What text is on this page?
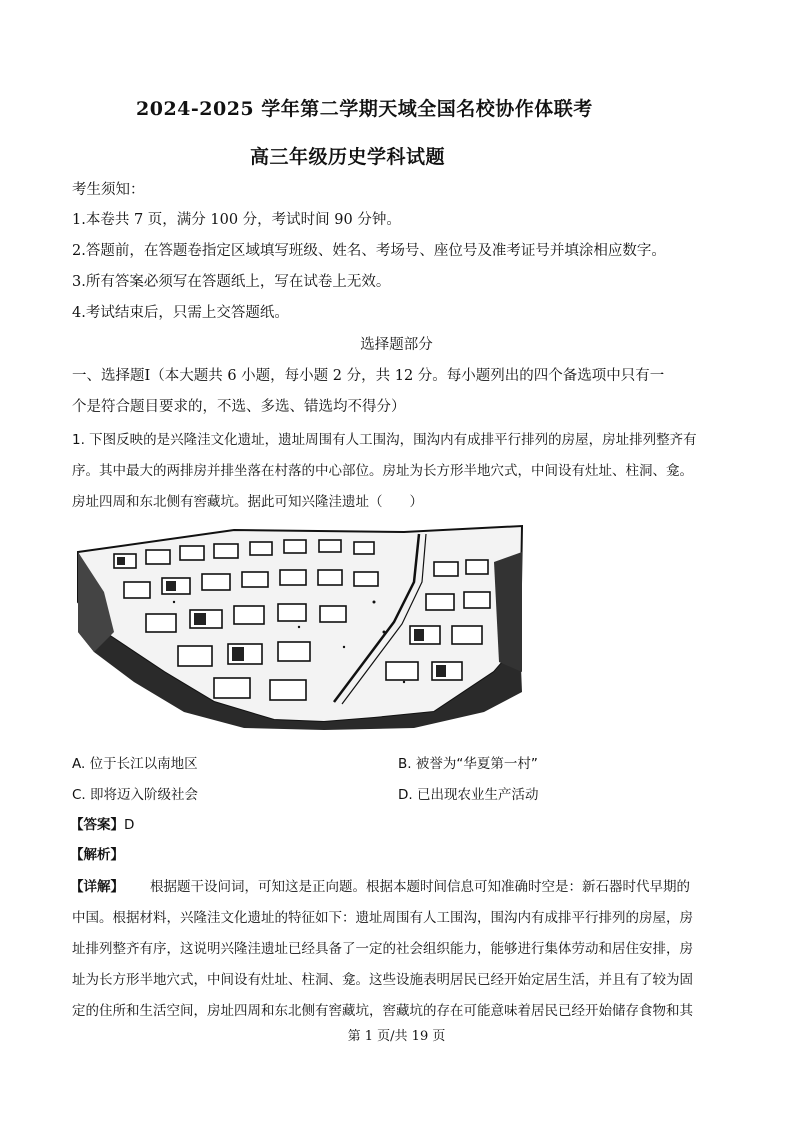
2024-2025 学年第二学期天域全国名校协作体联考
高三年级历史学科试题
考生须知：
1.本卷共 7 页，满分 100 分，考试时间 90 分钟。
2.答题前，在答题卷指定区域填写班级、姓名、考场号、座位号及准考证号并填涂相应数字。
3.所有答案必须写在答题纸上，写在试卷上无效。
4.考试结束后，只需上交答题纸。
选择题部分
一、选择题Ⅰ（本大题共 6 小题，每小题 2 分，共 12 分。每小题列出的四个备选项中只有一
个是符合题目要求的，不选、多选、错选均不得分）
1. 下图反映的是兴隆洼文化遗址，遗址周围有人工围沟，围沟内有成排平行排列的房屋，房址排列整齐有
序。其中最大的两排房并排坐落在村落的中心部位。房址为长方形半地穴式，中间设有灶址、柱洞、龛。
房址四周和东北侧有窖藏坑。据此可知兴隆洼遗址（　　）
A. 位于长江以南地区	B. 被誉为“华夏第一村”
C. 即将迈入阶级社会	D. 已出现农业生产活动
【答案】D
【解析】
【详解】 根据题干设问词，可知这是正向题。根据本题时间信息可知准确时空是：新石器时代早期的
中国。根据材料，兴隆洼文化遗址的特征如下：遗址周围有人工围沟，围沟内有成排平行排列的房屋，房
址排列整齐有序，这说明兴隆洼遗址已经具备了一定的社会组织能力，能够进行集体劳动和居住安排，房
址为长方形半地穴式，中间设有灶址、柱洞、龛。这些设施表明居民已经开始定居生活，并且有了较为固
定的住所和生活空间，房址四周和东北侧有窖藏坑，窖藏坑的存在可能意味着居民已经开始储存食物和其
第 1 页/共 19 页
